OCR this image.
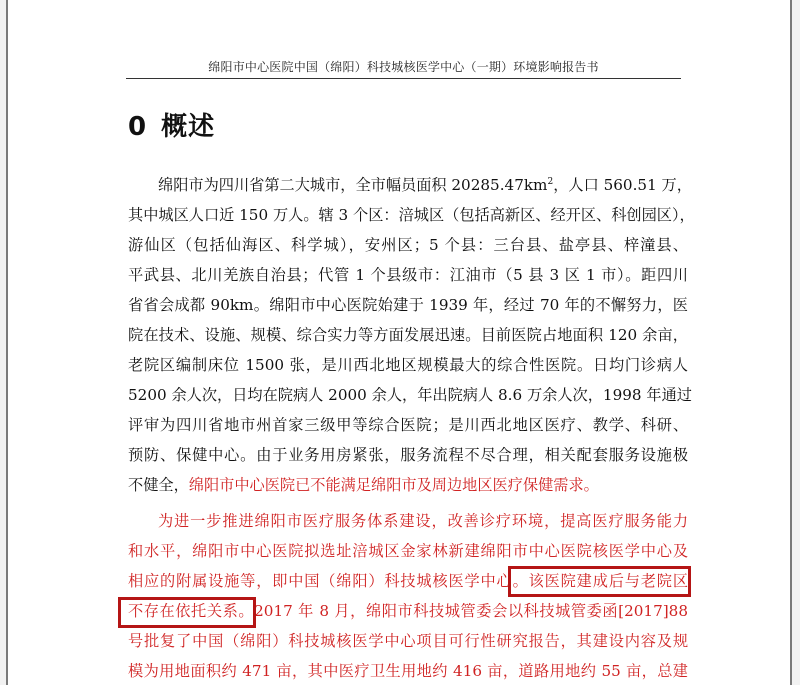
绵阳市中心医院中国（绵阳）科技城核医学中心（一期）环境影响报告书
0 概述
绵阳市为四川省第二大城市，全市幅员面积 $20285.47km^2$，人口 560.51 万，
其中城区人口近 150 万人。辖 3 个区：涪城区（包括高新区、经开区、科创园区），
游仙区（包括仙海区、科学城），安州区；5 个县：三台县、盐亭县、梓潼县、
平武县、北川羌族自治县；代管 1 个县级市：江油市（5 县 3 区 1 市）。距四川
省省会成都 90km。绵阳市中心医院始建于 1939 年，经过 70 年的不懈努力，医
院在技术、设施、规模、综合实力等方面发展迅速。目前医院占地面积 120 余亩，
老院区编制床位 1500 张，是川西北地区规模最大的综合性医院。日均门诊病人
5200 余人次，日均在院病人 2000 余人，年出院病人 8.6 万余人次，1998 年通过
评审为四川省地市州首家三级甲等综合医院；是川西北地区医疗、教学、科研、
预防、保健中心。由于业务用房紧张，服务流程不尽合理，相关配套服务设施极
不健全，绵阳市中心医院已不能满足绵阳市及周边地区医疗保健需求。
为进一步推进绵阳市医疗服务体系建设，改善诊疗环境，提高医疗服务能力
和水平，绵阳市中心医院拟选址涪城区金家林新建绵阳市中心医院核医学中心及
相应的附属设施等，即中国（绵阳）科技城核医学中心。该医院建成后与老院区
不存在依托关系。2017 年 8 月，绵阳市科技城管委会以科技城管委函[2017]88
号批复了中国（绵阳）科技城核医学中心项目可行性研究报告，其建设内容及规
模为用地面积约 471 亩，其中医疗卫生用地约 416 亩，道路用地约 55 亩，总建
